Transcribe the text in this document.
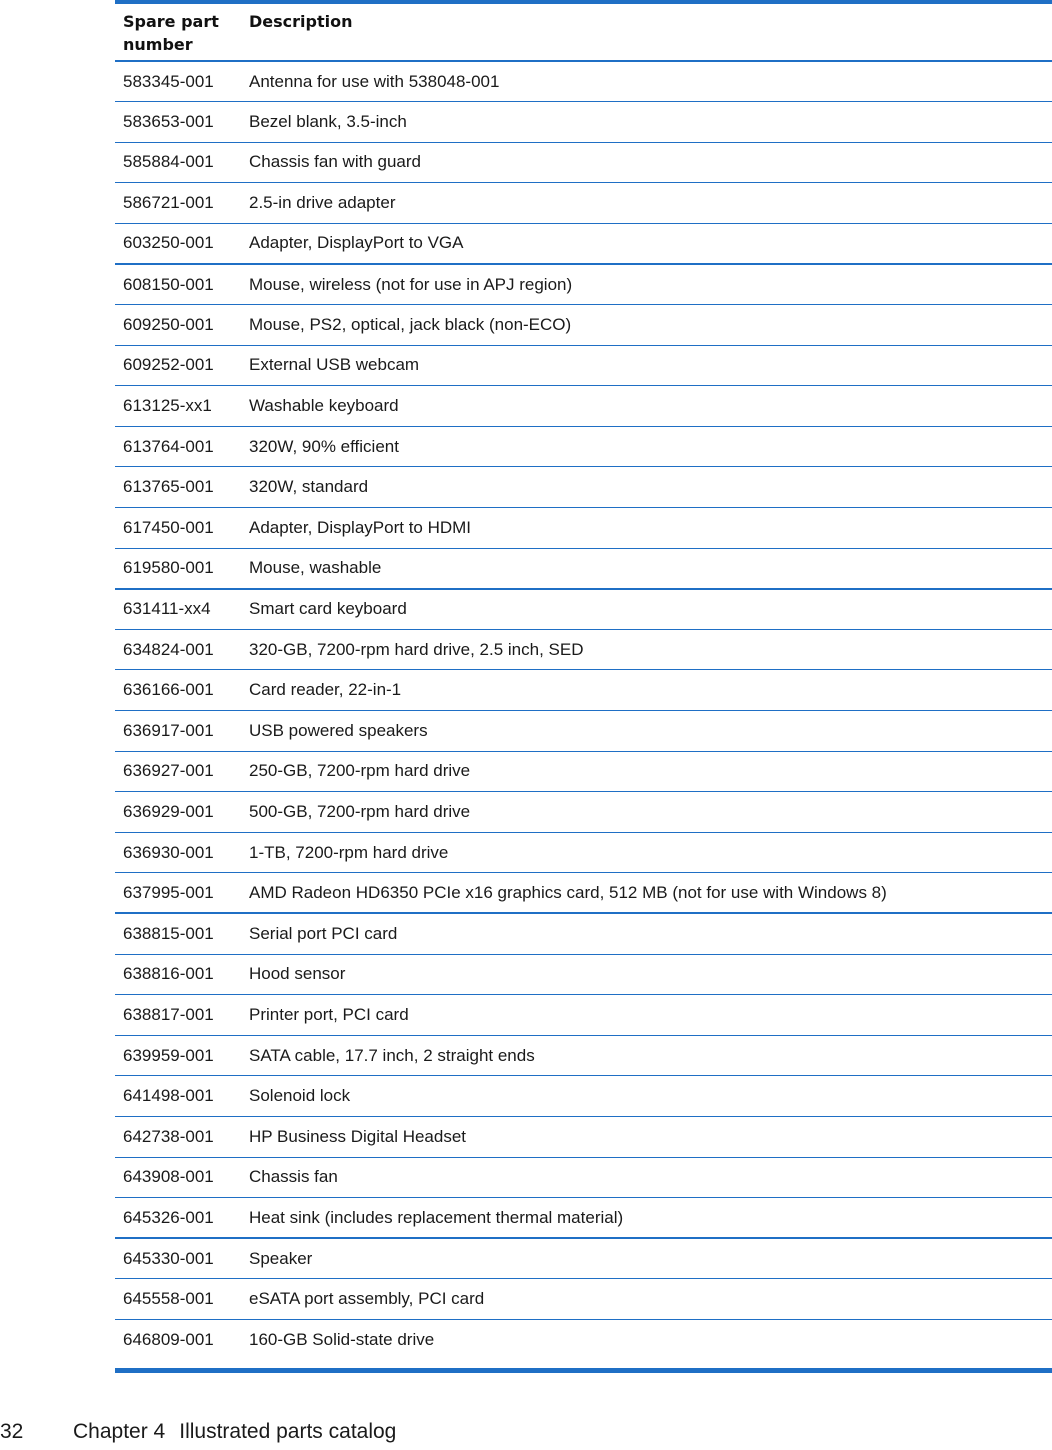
Spare part number	Description
583345-001	Antenna for use with 538048-001
583653-001	Bezel blank, 3.5-inch
585884-001	Chassis fan with guard
586721-001	2.5-in drive adapter
603250-001	Adapter, DisplayPort to VGA
608150-001	Mouse, wireless (not for use in APJ region)
609250-001	Mouse, PS2, optical, jack black (non-ECO)
609252-001	External USB webcam
613125-xx1	Washable keyboard
613764-001	320W, 90% efficient
613765-001	320W, standard
617450-001	Adapter, DisplayPort to HDMI
619580-001	Mouse, washable
631411-xx4	Smart card keyboard
634824-001	320-GB, 7200-rpm hard drive, 2.5 inch, SED
636166-001	Card reader, 22-in-1
636917-001	USB powered speakers
636927-001	250-GB, 7200-rpm hard drive
636929-001	500-GB, 7200-rpm hard drive
636930-001	1-TB, 7200-rpm hard drive
637995-001	AMD Radeon HD6350 PCIe x16 graphics card, 512 MB (not for use with Windows 8)
638815-001	Serial port PCI card
638816-001	Hood sensor
638817-001	Printer port, PCI card
639959-001	SATA cable, 17.7 inch, 2 straight ends
641498-001	Solenoid lock
642738-001	HP Business Digital Headset
643908-001	Chassis fan
645326-001	Heat sink (includes replacement thermal material)
645330-001	Speaker
645558-001	eSATA port assembly, PCI card
646809-001	160-GB Solid-state drive
32 Chapter 4 Illustrated parts catalog
